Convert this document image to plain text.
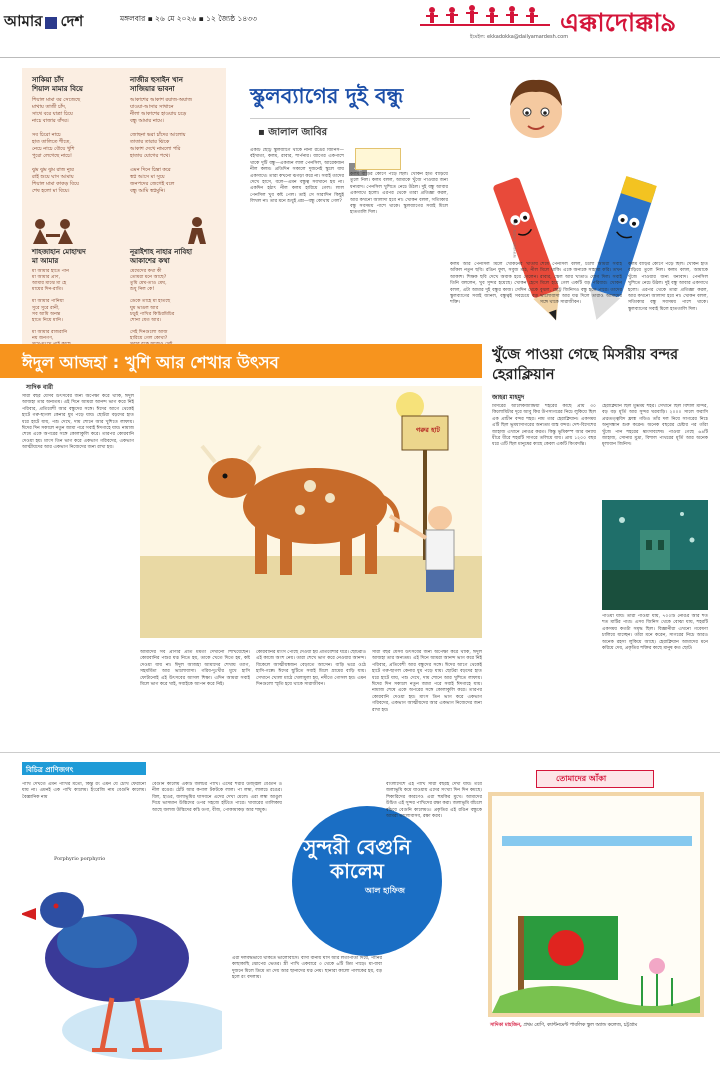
আমার দেশ	মঙ্গলবার ▪ ২৬ মে ২০২৬ ▪ ১২ জ্যৈষ্ঠ ১৪৩৩
ইমেইল: ekkadokka@dailyamardesh.com
এক্কাদোক্কা ৯
সাকিয়া চাঁদ
শিয়াল মামার বিয়ে
শিয়াল মামা বর সেজেছে
মাথায় তাজী চাঁদ,
সাথে বরে যাত্রা চিয়ে
নাচে বাজার বাঁদর।

সব চিরো নাচে
হাত তালিতে শীতে,
নেচে নাচে বৌয়ে খুশি
পুরো লেগেছে নাচে!

ঝুম ঝুম ঝুম রাজ ন্যুর
রাই শুয়ে ঘাস আমায়
শিয়াল মামা কাকড় বিয়ে
শেষ হলো মা বিয়ে।
নাজীর হুসাইন খান
সাজিয়ার ভাবনা
আকাশের আকাশ রয়াজ-অয়াজ
যাওয়া-আসার সাথানে
নীলা আকাশের হাওয়ায় চড়ে
বন্ধু আমার নামে।

জোছনা ভরা চাঁদের আলোয়
তাতার তারার ঝিকে
আকাশ দেখে নামলো পরি
হাতায় যোগের পথে।

এমন দিনে চিন্তা করে
স্বপ্ন আসে মা সুয়ে
জনপদের জেগেই বলে
বন্ধু আমি স্বপ্নমুনি।
শাহজাহান মোহাম্মদ
মা আমার
মা আমার হাতে পান
মা আমার প্রাণ,
আমার মাঝে মা হে
মায়ের দিন-রাতি।

মা আমার পানিয়া
সুরে সুরে রানী,
সব আমি অনন্ত
হাতে নিয়ে মানি।

মা আমার রাজরানি
নয় জনগণ,

নূরাইশাহ নাহার নাবিহা
আকাশের কথা
মেঘেদের কথা কী
তোমরা মনে আছে?
তুমি মেঘ-তাও মেঘ,
শুধু নিল কে!

ডেকে তাহে মা হাতছে
ঘুম ভাঙল আর
চড়ুই পাখির কিচিরমিচির
শোনা যেত আর।

সেই দিনগুলো আজ
হারিয়ে গেল কোথা?

স্কুলব্যাগের দুই বন্ধু
▪ জালাল জাবির
একটি ছোট্ট স্কুলব্যাগে থাকে নানা রঙের জিনিস—বইখাতা, কলম, রাবার, শার্পনার। ব্যাগের একপাশে থাকে দুটি বন্ধু—একজন লাল পেনসিল, আরেকজন নীল কলম। প্রতিদিন সকালে দুজনেই স্কুলে যায় একসাথে। তারা কখনো ঝগড়া করে না। সবাই তাদের দেখে হাসে, বলে—এমন বন্ধুত্ব সবখানে হয় না। একদিন হঠাৎ নীল কলম হারিয়ে গেল। লাল পেনসিল খুব কষ্ট পেল। তাই সে সারাদিন কিছুই লিখল না। তার মনে শুধুই প্রশ্ন—বন্ধু কোথায় গেল?
কলম বাড়ির কোণে পড়ে ছিল। খোকন হাত বাড়িয়ে তুলে নিল। কলম বলল, আমাকে খুঁজে পাওয়ার জন্য ধন্যবাদ। পেনসিল খুশিতে নেচে উঠল। দুই বন্ধু আবার একসাথে হলো। এরপর থেকে তারা প্রতিজ্ঞা করল, আর কখনো আলাদা হবে না। খোকন বলল, সত্যিকার বন্ধু সবসময় পাশে থাকে। স্কুলব্যাগের সবাই মিলে হাততালি দিল।
অলংকরণ: আমার দেশ
কলম আর পেনসিল মিলে খোকনের খাতায় আঁকল নতুন ছবি। রঙিন ফুল, সবুজ মাঠ, নীল আকাশ। শিক্ষক ছবি দেখে অবাক হয়ে গেলেন। তিনি বললেন, খুব সুন্দর হয়েছে। খোকন হেসে বলল, এটা আমার দুই বন্ধুর কাজ। সেদিন থেকে স্কুলব্যাগের সবাই জানল, বন্ধুত্বই সবচেয়ে বড় শক্তি।
শেষে পেনসিল বলল, চলো আমরা সবাই মিলে থাকি। একে অন্যকে সাহায্য করি। তখন রাবার, স্কেল আর খাতাও যোগ দিল। সবাই মিলে হয়ে গেল একটি বড় পরিবার। খোকন বুঝল, ছোট্ট জিনিসও বন্ধু হতে পারে। তাদের ভালোবাসা আর যত্ন দিলে তারাও আমাদের সঙ্গে থাকে সারাজীবন।
কলম বাড়ির কোণে পড়ে ছিল। খোকন হাত বাড়িয়ে তুলে নিল। কলম বলল, আমাকে খুঁজে পাওয়ার জন্য ধন্যবাদ। পেনসিল খুশিতে নেচে উঠল। দুই বন্ধু আবার একসাথে হলো। এরপর থেকে তারা প্রতিজ্ঞা করল, আর কখনো আলাদা হবে না। খোকন বলল, সত্যিকার বন্ধু সবসময় পাশে থাকে। স্কুলব্যাগের সবাই মিলে হাততালি দিল।
ঈদুল আজহা : খুশি আর শেখার উৎসব
সাদিক বারী
সারা বছর যেসব উৎসবের জন্য অপেক্ষা করে থাকি, ঈদুল আজহা তার অন্যতম। এই দিনে আমরা আনন্দ ভাগ করে নিই পরিবার, প্রতিবেশী আর বন্ধুদের সঙ্গে। ঈদের আগে থেকেই হাটে গরু-ছাগল কেনার ধুম পড়ে যায়। ছোটরা বড়দের হাত ধরে হাটে যায়, পশু দেখে, দাম শোনে আর খুশিতে লাফায়। ঈদের দিন সকালে নতুন জামা পরে সবাই ঈদগাহে যায়। নামাজ শেষে একে অপরের সঙ্গে কোলাকুলি করে। তারপর কোরবানি দেওয়া হয়। মাংস তিন ভাগ করে একভাগ গরিবদের, একভাগ আত্মীয়দের আর একভাগ নিজেদের জন্য রাখা হয়।
গরুর হাট
আমাদের সব প্রাণীর প্রতি মমতা দেখানো শিখিয়েছেন। কোরবানির পশুর যত্ন নিতে হয়, তাকে খেতে দিতে হয়, কষ্ট দেওয়া যায় না। ঈদুল আজহা আমাদের শেখায় ত্যাগ, সহমর্মিতা আর ভালোবাসা। গরিব-দুঃখীর মুখে হাসি ফোটানোই এই উৎসবের আসল শিক্ষা। এদিন আমরা সবাই মিলে ভাগ করে খাই, সবাইকে আপন করে নিই।
কোরবানির মাংস পৌঁছে দেওয়া হয় প্রতিবেশীর ঘরে। ছোটরাও এই কাজে অংশ নেয়। তারা শেখে ভাগ করে নেওয়ার আনন্দ। বিকেলে আত্মীয়স্বজন বেড়াতে আসেন। বাড়ি ভরে ওঠে হাসি-গল্পে। ঈদের ছুটিতে সবাই মিলে গ্রামের বাড়ি যায়। সেখানে খোলা মাঠে খেলাধুলা হয়, নদীতে গোসল হয়। এমন দিনগুলো স্মৃতি হয়ে থাকে সারাজীবন।
সারা বছর যেসব উৎসবের জন্য অপেক্ষা করে থাকি, ঈদুল আজহা তার অন্যতম। এই দিনে আমরা আনন্দ ভাগ করে নিই পরিবার, প্রতিবেশী আর বন্ধুদের সঙ্গে। ঈদের আগে থেকেই হাটে গরু-ছাগল কেনার ধুম পড়ে যায়। ছোটরা বড়দের হাত ধরে হাটে যায়, পশু দেখে, দাম শোনে আর খুশিতে লাফায়। ঈদের দিন সকালে নতুন জামা পরে সবাই ঈদগাহে যায়। নামাজ শেষে একে অপরের সঙ্গে কোলাকুলি করে। তারপর কোরবানি দেওয়া হয়। মাংস তিন ভাগ করে একভাগ গরিবদের, একভাগ আত্মীয়দের আর একভাগ নিজেদের জন্য রাখা হয়।
খুঁজে পাওয়া গেছে মিসরীয় বন্দর হেরাক্লিয়ান
জাহরা মাহমুদ
মিসরের আলেকজান্দ্রিয়া শহরের কাছে প্রায় ৩০ কিলোমিটার দূরে আবু কির উপসাগরের নিচে লুকিয়ে ছিল এক প্রাচীন বন্দর শহর। নাম তার হেরাক্লিয়ান। একসময় এটি ছিল ভূমধ্যসাগরের অন্যতম ব্যস্ত বন্দর। দেশ-বিদেশের জাহাজ এখানে নোঙর করত। কিন্তু ভূমিকম্প আর বন্যায় ধীরে ধীরে শহরটি সাগরে তলিয়ে যায়। প্রায় ১২০০ বছর ধরে এটি ছিল মানুষের কাছে কেবল একটি কিংবদন্তি।
হেরাক্লিয়ান ছিল মুগ্ধময় শহর। সেখানে ছিল বিশাল মন্দির, বড় বড় মূর্তি আর সুন্দর ঘরবাড়ি। ২০০০ সালে ফরাসি প্রত্নতত্ত্ববিদ ফ্রাঙ্ক গডিও তাঁর দল নিয়ে সাগরের নিচে অনুসন্ধান শুরু করেন। অনেক বছরের চেষ্টার পর তাঁরা খুঁজে পান শহরের ধ্বংসাবশেষ। পাওয়া গেছে ৬৪টি জাহাজ, সোনার মুদ্রা, বিশাল পাথরের মূর্তি আর অনেক মূল্যবান জিনিস।
পাওয়া যায়। তারা পাওয়া যায়, ৭০০টি নোঙর আর শত শত মাটির পাত্র। এসব জিনিস থেকে বোঝা যায়, শহরটি একসময় কতটা সমৃদ্ধ ছিল। বিজ্ঞানীরা এখনো গবেষণা চালিয়ে যাচ্ছেন। তাঁরা মনে করেন, সাগরের নিচে আরও অনেক রহস্য লুকিয়ে আছে। হেরাক্লিয়ান আমাদের মনে করিয়ে দেয়, প্রকৃতির শক্তির কাছে মানুষ কত ছোট।
বিচিত্র প্রাণিজগৎ
পাখি দেখতে এমন পাখির মতো, কিন্তু রং এমন যে চোখ ফেরানো যায় না। এমনই এক পাখি কালেম। ইংরেজি নাম বেগুনি কালেম। বৈজ্ঞানিক নাম
Porphyrio porphyrio
বেগুনি কালেম একটি জলচর পাখি। এদের শরীর উজ্জ্বল বেগুনি ও নীল রঙের। ঠোঁট আর কপাল টকটকে লাল। পা লম্বা, লালচে রঙের। বিল, হাওর, জলাভূমির ঘাসবনে এদের দেখা মেলে। এরা লম্বা আঙুল দিয়ে ভাসমান উদ্ভিদের ওপর সহজে হাঁটতে পারে। খাবারের তালিকায় আছে জলজ উদ্ভিদের কচি ডগা, বীজ, পোকামাকড় আর শামুক।
সুন্দরী বেগুনি কালেম
আল হাফিজ
এরা দলবদ্ধভাবে থাকতে ভালোবাসে। বাসা বানায় ঘাস আর লতাপাতা দিয়ে, পানির কাছাকাছি ঝোপের ভেতর। স্ত্রী পাখি একবারে ৩ থেকে ৬টি ডিম পাড়ে। মা-বাবা দুজনে মিলে ডিমে তা দেয় আর ছানাদের যত্ন নেয়। ছানারা কালো পালকের হয়, বড় হলে রং বদলায়।
বাংলাদেশে এই পাখি সারা বছরই দেখা যায়। তবে জলাভূমি কমে যাওয়ায় এদের সংখ্যা দিন দিন কমছে। শিকারিদের কারণেও এরা হুমকির মুখে। আমাদের উচিত এই সুন্দর পাখিদের রক্ষা করা। জলাভূমি বাঁচলে বাঁচবে বেগুনি কালেমও। প্রকৃতির এই রঙিন বন্ধুকে আমরা ভালোবাসব, রক্ষা করব।
তোমাদের আঁকা
সাদিকা মাহজিন, প্রথম শ্রেণি, ক্যান্টনমেন্ট পাবলিক স্কুল অ্যান্ড কলেজ, চট্টগ্রাম
